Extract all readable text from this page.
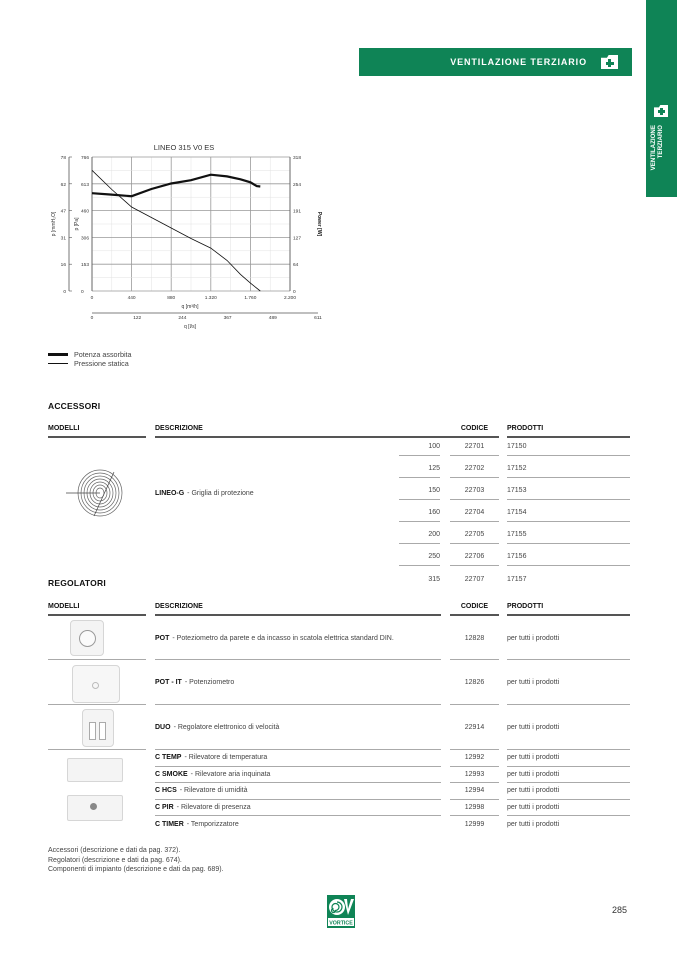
VENTILAZIONE TERZIARIO
VENTILAZIONE TERZIARIO
LINEO 315 V0 ES
0	440	880	1.320	1.760	2.200
0	122	244	367	489	611
0
0	0
153
16	64
306
31	127
460
47	191
613
62	254
766
78	318
q [m³/h]
q [l/s]
p [mmH₂O]	p [Pa]	Power [W]
Potenza assorbita
Pressione statica
ACCESSORI
MODELLI	DESCRIZIONE	CODICE	PRODOTTI
LINEO-G - Griglia di protezione
100	22701	17150
125	22702	17152
150	22703	17153
160	22704	17154
200	22705	17155
250	22706	17156
315	22707	17157
REGOLATORI
MODELLI	DESCRIZIONE	CODICE	PRODOTTI
POT - Poteziometro da parete e da incasso in scatola elettrica standard DIN.	12828	per tutti i prodotti
POT - IT - Potenziometro	12826	per tutti i prodotti
DUO - Regolatore elettronico di velocità	22914	per tutti i prodotti
C TEMP - Rilevatore di temperatura	12992	per tutti i prodotti
C SMOKE - Rilevatore aria inquinata	12993	per tutti i prodotti
C HCS - Rilevatore di umidità	12994	per tutti i prodotti
C PIR - Rilevatore di presenza	12998	per tutti i prodotti
C TIMER - Temporizzatore	12999	per tutti i prodotti
Accessori (descrizione e dati da pag. 372).
Regolatori (descrizione e dati da pag. 674).
Componenti di impianto (descrizione e dati da pag. 689).
VORTICE
285
